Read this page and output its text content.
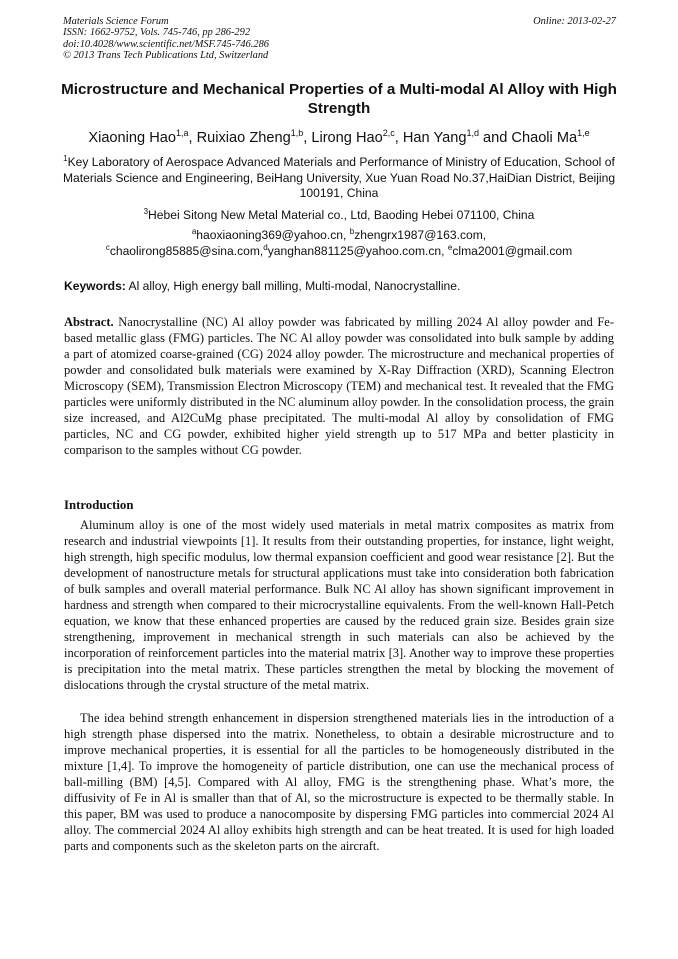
Materials Science Forum
ISSN: 1662-9752, Vols. 745-746, pp 286-292
doi:10.4028/www.scientific.net/MSF.745-746.286
© 2013 Trans Tech Publications Ltd, Switzerland
Online: 2013-02-27
Microstructure and Mechanical Properties of a Multi-modal Al Alloy with High Strength
Xiaoning Hao$^{1,a}$, Ruixiao Zheng$^{1,b}$, Lirong Hao$^{2,c}$, Han Yang$^{1,d}$ and Chaoli Ma$^{1,e}$
$^1$Key Laboratory of Aerospace Advanced Materials and Performance of Ministry of Education, School of Materials Science and Engineering, BeiHang University, Xue Yuan Road No.37,HaiDian District, Beijing 100191, China
$^3$Hebei Sitong New Metal Material co., Ltd, Baoding Hebei 071100, China
$^a$haoxiaoning369@yahoo.cn, $^b$zhengrx1987@163.com,
$^c$chaolirong85885@sina.com,$^d$yanghan881125@yahoo.com.cn, $^e$clma2001@gmail.com
Keywords: Al alloy, High energy ball milling, Multi-modal, Nanocrystalline.
Abstract. Nanocrystalline (NC) Al alloy powder was fabricated by milling 2024 Al alloy powder and Fe-based metallic glass (FMG) particles. The NC Al alloy powder was consolidated into bulk sample by adding a part of atomized coarse-grained (CG) 2024 alloy powder. The microstructure and mechanical properties of powder and consolidated bulk materials were examined by X-Ray Diffraction (XRD), Scanning Electron Microscopy (SEM), Transmission Electron Microscopy (TEM) and mechanical test. It revealed that the FMG particles were uniformly distributed in the NC aluminum alloy powder. In the consolidation process, the grain size increased, and Al2CuMg phase precipitated. The multi-modal Al alloy by consolidation of FMG particles, NC and CG powder, exhibited higher yield strength up to 517 MPa and better plasticity in comparison to the samples without CG powder.
Introduction
Aluminum alloy is one of the most widely used materials in metal matrix composites as matrix from research and industrial viewpoints [1]. It results from their outstanding properties, for instance, light weight, high strength, high specific modulus, low thermal expansion coefficient and good wear resistance [2]. But the development of nanostructure metals for structural applications must take into consideration both fabrication of bulk samples and overall material performance. Bulk NC Al alloy has shown significant improvement in hardness and strength when compared to their microcrystalline equivalents. From the well-known Hall-Petch equation, we know that these enhanced properties are caused by the reduced grain size. Besides grain size strengthening, improvement in mechanical strength in such materials can also be achieved by the incorporation of reinforcement particles into the material matrix [3]. Another way to improve these properties is precipitation into the metal matrix. These particles strengthen the metal by blocking the movement of dislocations through the crystal structure of the metal matrix.
The idea behind strength enhancement in dispersion strengthened materials lies in the introduction of a high strength phase dispersed into the matrix. Nonetheless, to obtain a desirable microstructure and to improve mechanical properties, it is essential for all the particles to be homogeneously distributed in the mixture [1,4]. To improve the homogeneity of particle distribution, one can use the mechanical process of ball-milling (BM) [4,5]. Compared with Al alloy, FMG is the strengthening phase. What’s more, the diffusivity of Fe in Al is smaller than that of Al, so the microstructure is expected to be thermally stable. In this paper, BM was used to produce a nanocomposite by dispersing FMG particles into commercial 2024 Al alloy. The commercial 2024 Al alloy exhibits high strength and can be heat treated. It is used for high loaded parts and components such as the skeleton parts on the aircraft.
